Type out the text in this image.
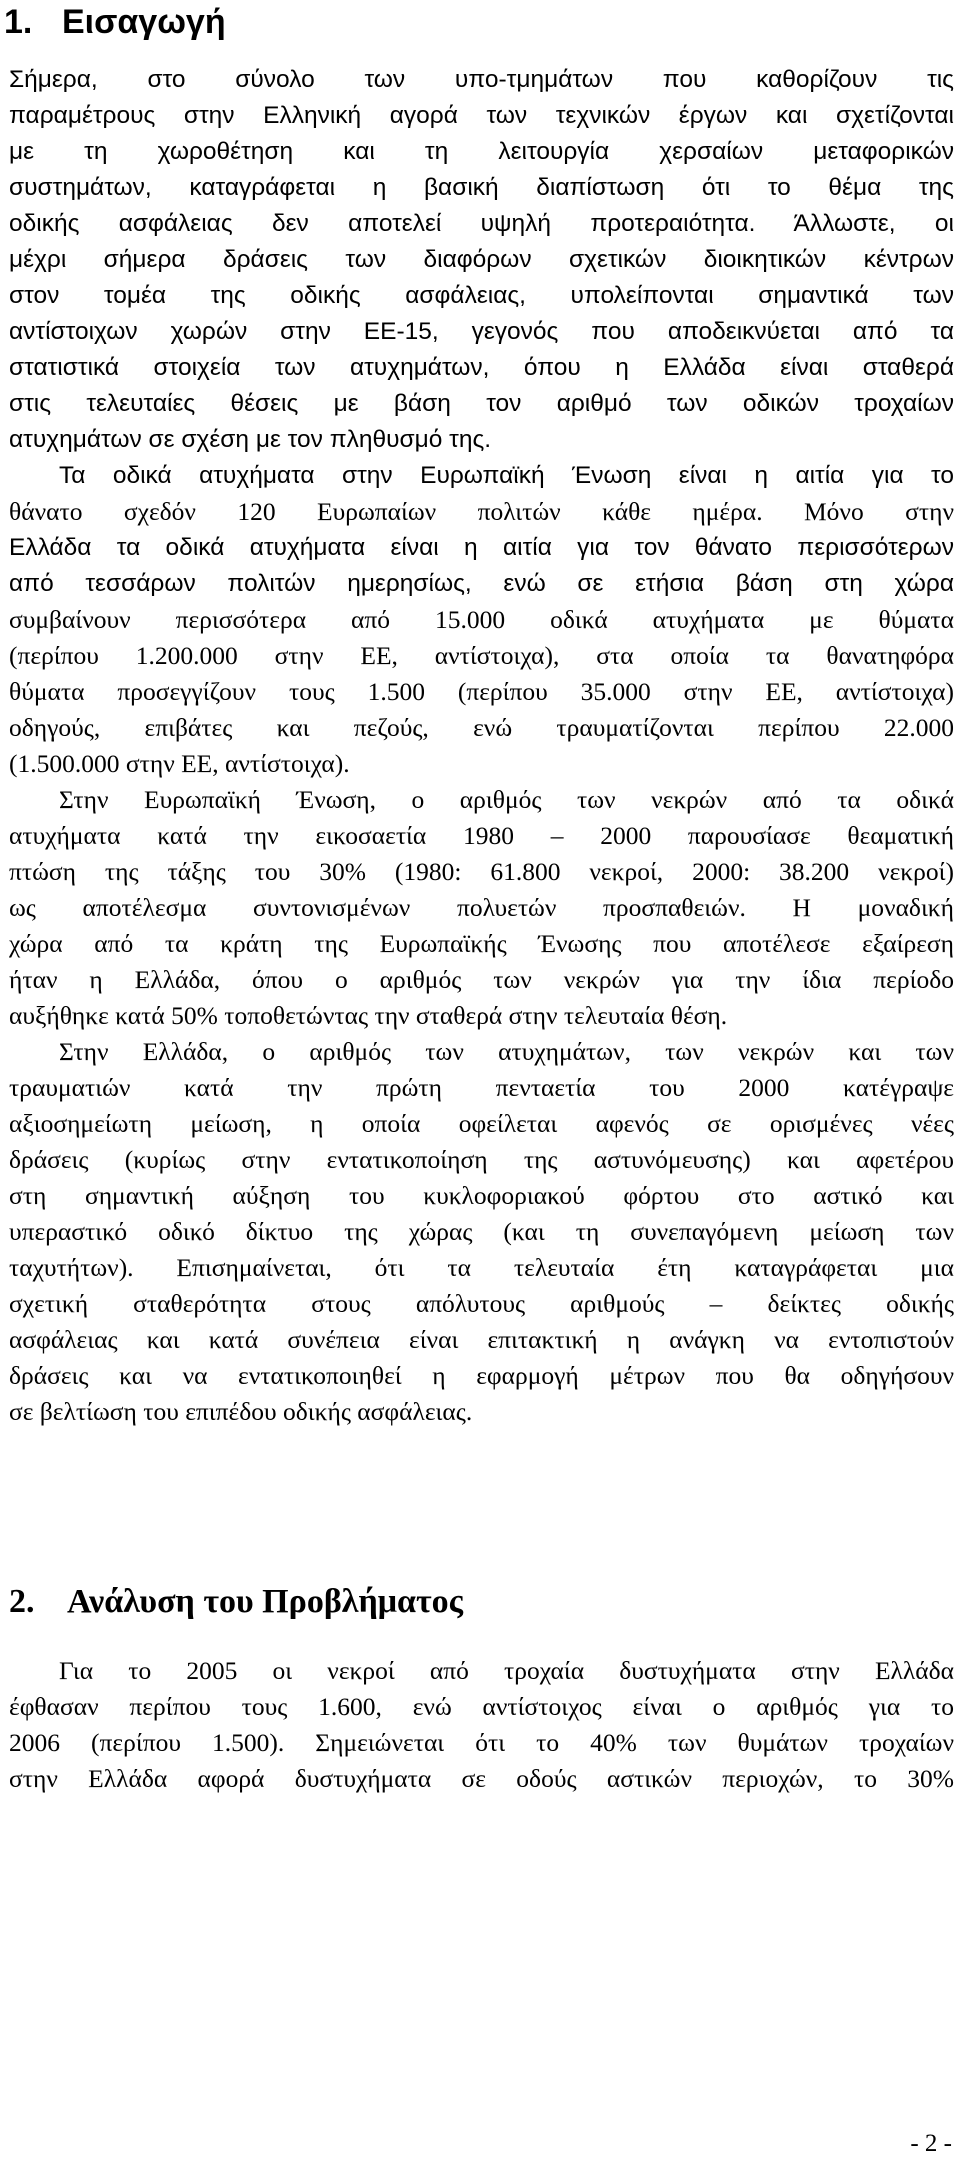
1. Εισαγωγή
Σήμερα, στο σύνολο των υπο-τμημάτων που καθορίζουν τις
παραμέτρους στην Ελληνική αγορά των τεχνικών έργων και σχετίζονται
με τη χωροθέτηση και τη λειτουργία χερσαίων μεταφορικών
συστημάτων, καταγράφεται η βασική διαπίστωση ότι το θέμα της
οδικής ασφάλειας δεν αποτελεί υψηλή προτεραιότητα. Άλλωστε, οι
μέχρι σήμερα δράσεις των διαφόρων σχετικών διοικητικών κέντρων
στον τομέα της οδικής ασφάλειας, υπολείπονται σημαντικά των
αντίστοιχων χωρών στην ΕΕ-15, γεγονός που αποδεικνύεται από τα
στατιστικά στοιχεία των ατυχημάτων, όπου η Ελλάδα είναι σταθερά
στις τελευταίες θέσεις με βάση τον αριθμό των οδικών τροχαίων
ατυχημάτων σε σχέση με τον πληθυσμό της.
Τα οδικά ατυχήματα στην Ευρωπαϊκή Ένωση είναι η αιτία για το
θάνατο σχεδόν 120 Ευρωπαίων πολιτών κάθε ημέρα. Μόνο στην
Ελλάδα τα οδικά ατυχήματα είναι η αιτία για τον θάνατο περισσότερων
από τεσσάρων πολιτών ημερησίως, ενώ σε ετήσια βάση στη χώρα
συμβαίνουν περισσότερα από 15.000 οδικά ατυχήματα με θύματα
(περίπου 1.200.000 στην ΕΕ, αντίστοιχα), στα οποία τα θανατηφόρα
θύματα προσεγγίζουν τους 1.500 (περίπου 35.000 στην ΕΕ, αντίστοιχα)
οδηγούς, επιβάτες και πεζούς, ενώ τραυματίζονται περίπου 22.000
(1.500.000 στην ΕΕ, αντίστοιχα).
Στην Ευρωπαϊκή Ένωση, ο αριθμός των νεκρών από τα οδικά
ατυχήματα κατά την εικοσαετία 1980 – 2000 παρουσίασε θεαματική
πτώση της τάξης του 30% (1980: 61.800 νεκροί, 2000: 38.200 νεκροί)
ως αποτέλεσμα συντονισμένων πολυετών προσπαθειών. Η μοναδική
χώρα από τα κράτη της Ευρωπαϊκής Ένωσης που αποτέλεσε εξαίρεση
ήταν η Ελλάδα, όπου ο αριθμός των νεκρών για την ίδια περίοδο
αυξήθηκε κατά 50% τοποθετώντας την σταθερά στην τελευταία θέση.
Στην Ελλάδα, ο αριθμός των ατυχημάτων, των νεκρών και των
τραυματιών κατά την πρώτη πενταετία του 2000 κατέγραψε
αξιοσημείωτη μείωση, η οποία οφείλεται αφενός σε ορισμένες νέες
δράσεις (κυρίως στην εντατικοποίηση της αστυνόμευσης) και αφετέρου
στη σημαντική αύξηση του κυκλοφοριακού φόρτου στο αστικό και
υπεραστικό οδικό δίκτυο της χώρας (και τη συνεπαγόμενη μείωση των
ταχυτήτων). Επισημαίνεται, ότι τα τελευταία έτη καταγράφεται μια
σχετική σταθερότητα στους απόλυτους αριθμούς – δείκτες οδικής
ασφάλειας και κατά συνέπεια είναι επιτακτική η ανάγκη να εντοπιστούν
δράσεις και να εντατικοποιηθεί η εφαρμογή μέτρων που θα οδηγήσουν
σε βελτίωση του επιπέδου οδικής ασφάλειας.
2. Ανάλυση του Προβλήματος
Για το 2005 οι νεκροί από τροχαία δυστυχήματα στην Ελλάδα
έφθασαν περίπου τους 1.600, ενώ αντίστοιχος είναι ο αριθμός για το
2006 (περίπου 1.500). Σημειώνεται ότι το 40% των θυμάτων τροχαίων
στην Ελλάδα αφορά δυστυχήματα σε οδούς αστικών περιοχών, το 30%
- 2 -
